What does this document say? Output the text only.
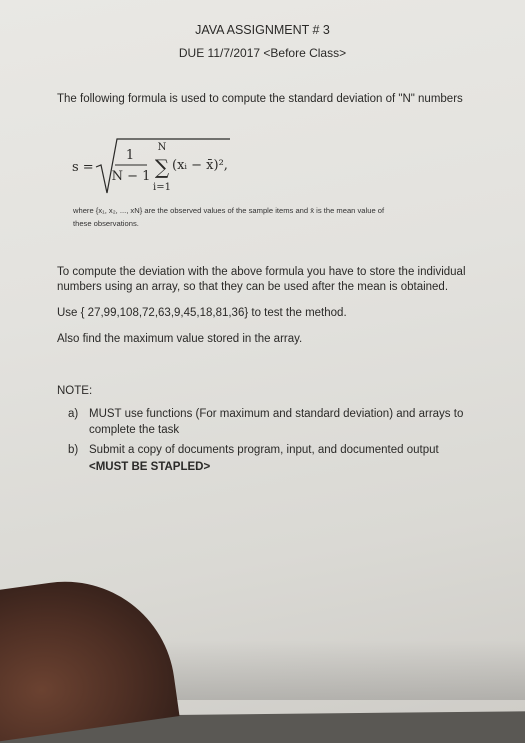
JAVA ASSIGNMENT # 3
DUE 11/7/2017 <Before Class>
The following formula is used to compute the standard deviation of "N" numbers
s =
1
N − 1
N
∑
i=1
(xᵢ − x̄)²,
where {x₁, x₂, ..., xN} are the observed values of the sample items and x̄ is the mean value of
these observations.
To compute the deviation with the above formula you have to store the individual
numbers using an array, so that they can be used after the mean is obtained.
Use { 27,99,108,72,63,9,45,18,81,36} to test the method.
Also find the maximum value stored in the array.
NOTE:
a) MUST use functions (For maximum and standard deviation) and arrays to
complete the task
b) Submit a copy of documents program, input, and documented output
<MUST BE STAPLED>
